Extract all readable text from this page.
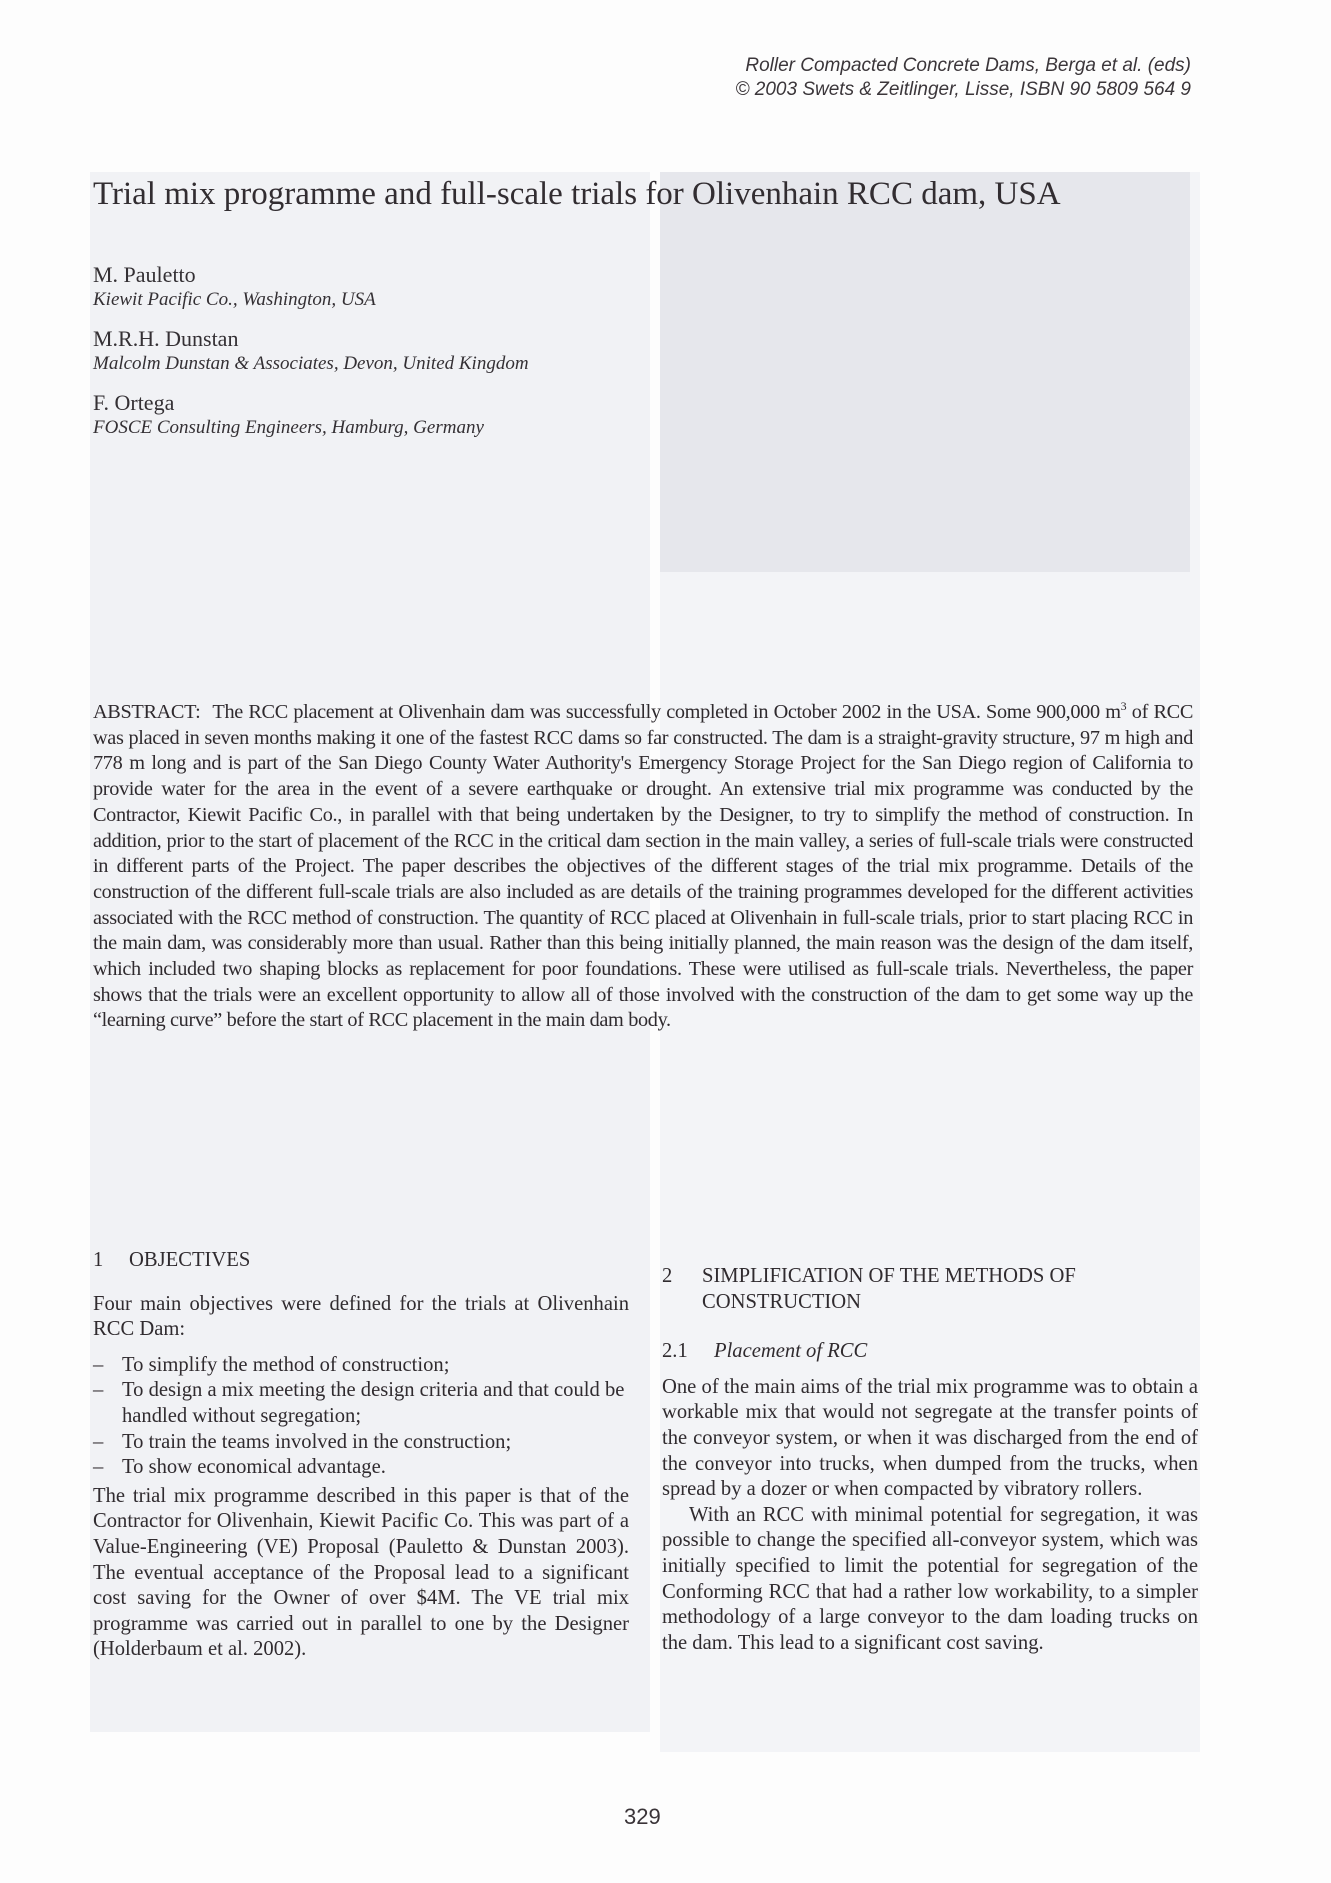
Roller Compacted Concrete Dams, Berga et al. (eds)
© 2003 Swets & Zeitlinger, Lisse, ISBN 90 5809 564 9
Trial mix programme and full-scale trials for Olivenhain RCC dam, USA
M. Pauletto
Kiewit Pacific Co., Washington, USA
M.R.H. Dunstan
Malcolm Dunstan & Associates, Devon, United Kingdom
F. Ortega
FOSCE Consulting Engineers, Hamburg, Germany
ABSTRACT: The RCC placement at Olivenhain dam was successfully completed in October 2002 in the USA. Some 900,000 $m^3$ of RCC was placed in seven months making it one of the fastest RCC dams so far constructed. The dam is a straight-gravity structure, 97 m high and 778 m long and is part of the San Diego County Water Authority's Emergency Storage Project for the San Diego region of California to provide water for the area in the event of a severe earthquake or drought. An extensive trial mix programme was conducted by the Contractor, Kiewit Pacific Co., in parallel with that being undertaken by the Designer, to try to simplify the method of construction. In addition, prior to the start of placement of the RCC in the critical dam section in the main valley, a series of full-scale trials were constructed in different parts of the Project. The paper describes the objectives of the different stages of the trial mix programme. Details of the construction of the different full-scale trials are also included as are details of the training programmes developed for the different activities associated with the RCC method of construction. The quantity of RCC placed at Olivenhain in full-scale trials, prior to start placing RCC in the main dam, was considerably more than usual. Rather than this being initially planned, the main reason was the design of the dam itself, which included two shaping blocks as replacement for poor foundations. These were utilised as full-scale trials. Nevertheless, the paper shows that the trials were an excellent opportunity to allow all of those involved with the construction of the dam to get some way up the “learning curve” before the start of RCC placement in the main dam body.
1 OBJECTIVES

Four main objectives were defined for the trials at Olivenhain RCC Dam:

– To simplify the method of construction;
– To design a mix meeting the design criteria and that could be handled without segregation;
– To train the teams involved in the construction;
– To show economical advantage.

The trial mix programme described in this paper is that of the Contractor for Olivenhain, Kiewit Pacific Co. This was part of a Value-Engineering (VE) Proposal (Pauletto & Dunstan 2003). The eventual acceptance of the Proposal lead to a significant cost saving for the Owner of over $4M. The VE trial mix programme was carried out in parallel to one by the Designer (Holderbaum et al. 2002).

2	SIMPLIFICATION OF THE METHODS OF CONSTRUCTION
2.1 Placement of RCC

One of the main aims of the trial mix programme was to obtain a workable mix that would not segregate at the transfer points of the conveyor system, or when it was discharged from the end of the conveyor into trucks, when dumped from the trucks, when spread by a dozer or when compacted by vibratory rollers.

With an RCC with minimal potential for segregation, it was possible to change the specified all-conveyor system, which was initially specified to limit the potential for segregation of the Conforming RCC that had a rather low workability, to a simpler methodology of a large conveyor to the dam loading trucks on the dam. This lead to a significant cost saving.

329
